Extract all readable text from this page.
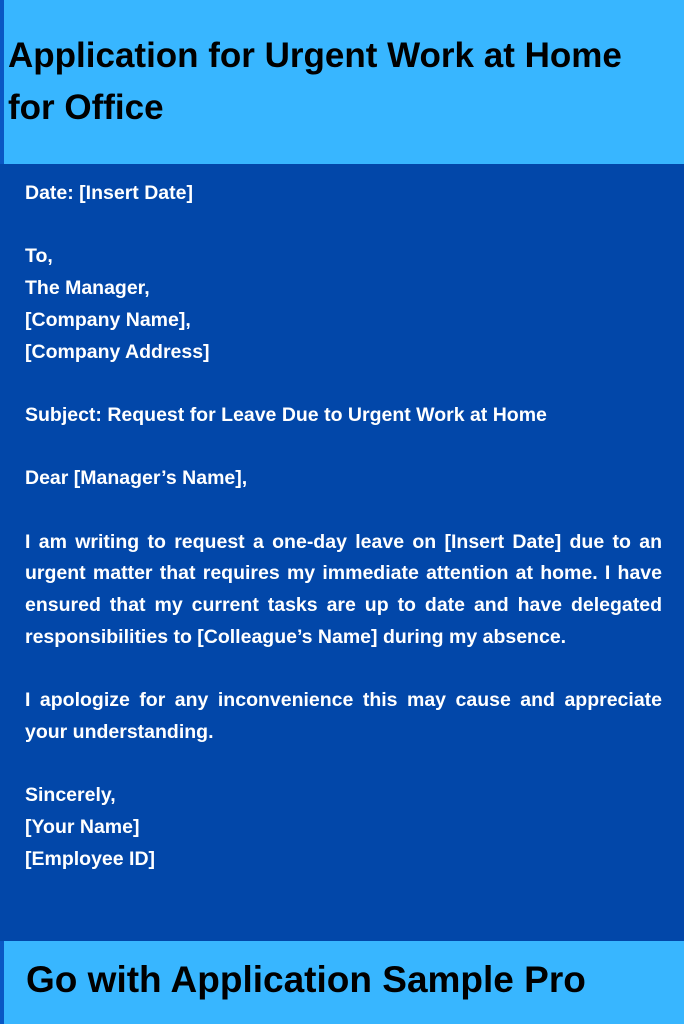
Application for Urgent Work at Home for Office

Date: [Insert Date]

To,

The Manager,

[Company Name],

[Company Address]

Subject: Request for Leave Due to Urgent Work at Home

Dear [Manager’s Name],

I am writing to request a one-day leave on [Insert Date] due to an urgent matter that requires my immediate attention at home. I have ensured that my current tasks are up to date and have delegated responsibilities to [Colleague’s Name] during my absence.

I apologize for any inconvenience this may cause and appreciate your understanding.

Sincerely,

[Your Name]

[Employee ID]

Go with Application Sample Pro
